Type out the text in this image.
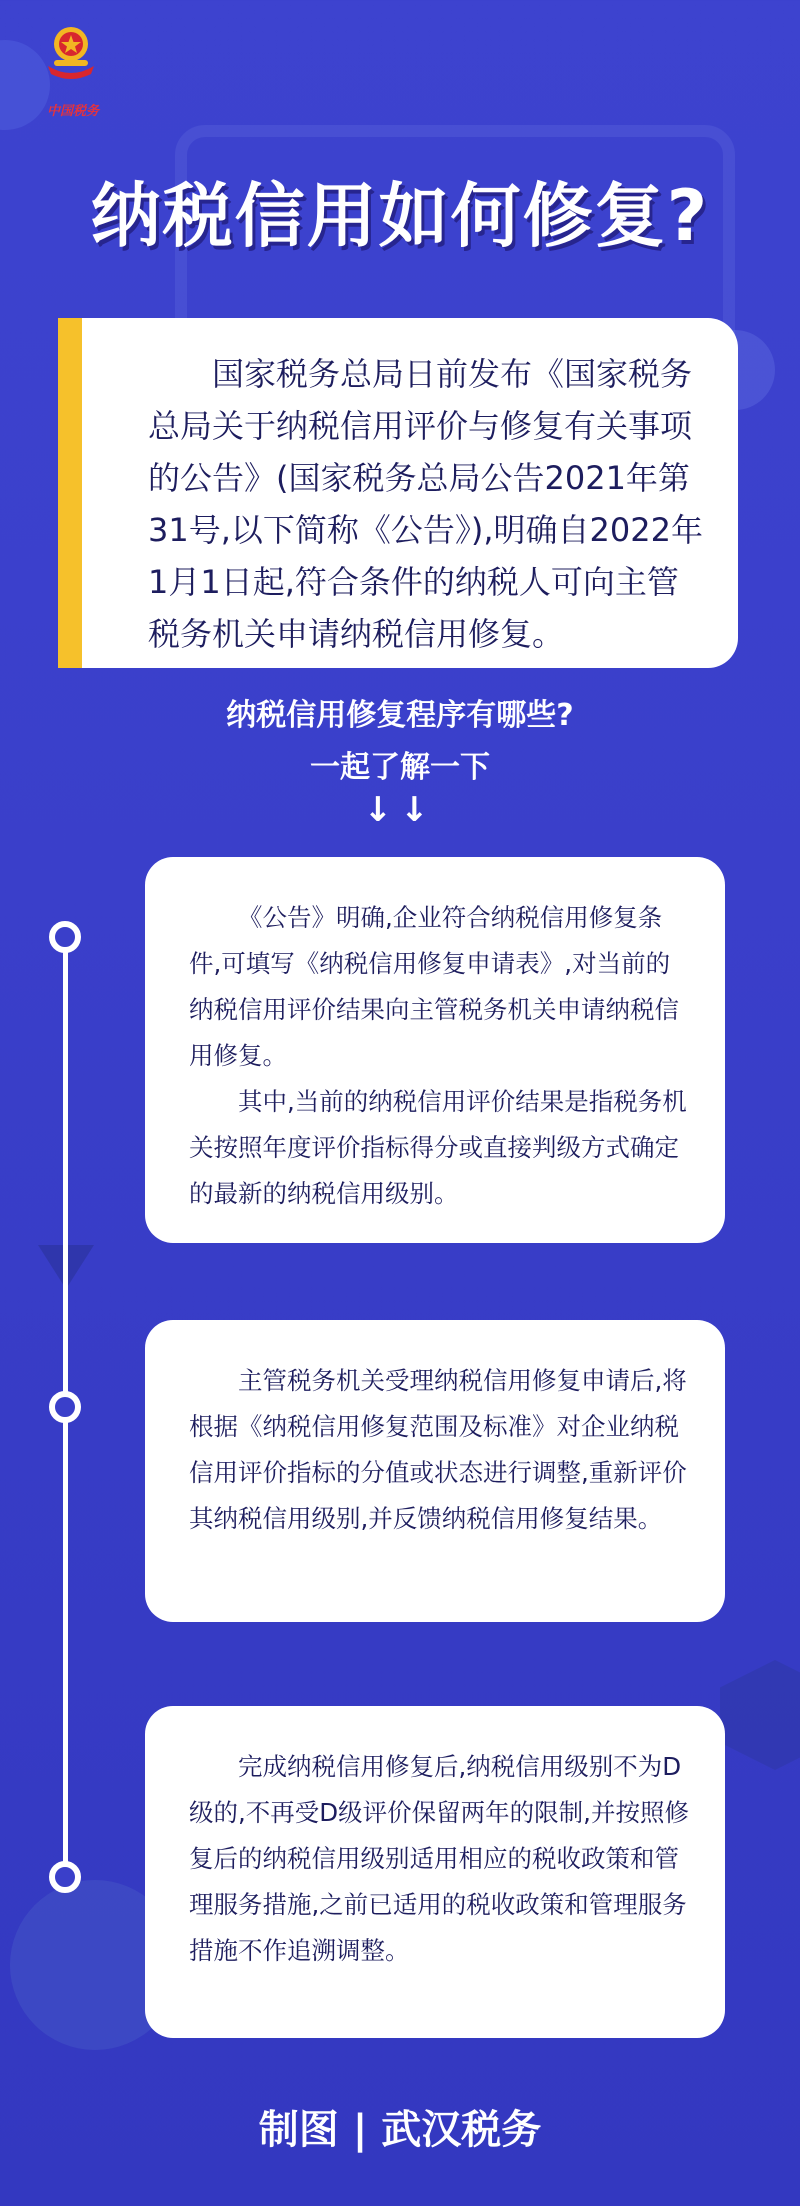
中国税务
纳税信用如何修复?

国家税务总局日前发布《国家税务总局关于纳税信用评价与修复有关事项的公告》(国家税务总局公告2021年第31号,以下简称《公告》),明确自2022年1月1日起,符合条件的纳税人可向主管税务机关申请纳税信用修复。

纳税信用修复程序有哪些?
一起了解一下
↓↓

《公告》明确,企业符合纳税信用修复条件,可填写《纳税信用修复申请表》,对当前的纳税信用评价结果向主管税务机关申请纳税信用修复。

其中,当前的纳税信用评价结果是指税务机关按照年度评价指标得分或直接判级方式确定的最新的纳税信用级别。

主管税务机关受理纳税信用修复申请后,将根据《纳税信用修复范围及标准》对企业纳税信用评价指标的分值或状态进行调整,重新评价其纳税信用级别,并反馈纳税信用修复结果。

完成纳税信用修复后,纳税信用级别不为D级的,不再受D级评价保留两年的限制,并按照修复后的纳税信用级别适用相应的税收政策和管理服务措施,之前已适用的税收政策和管理服务措施不作追溯调整。

制图 | 武汉税务
